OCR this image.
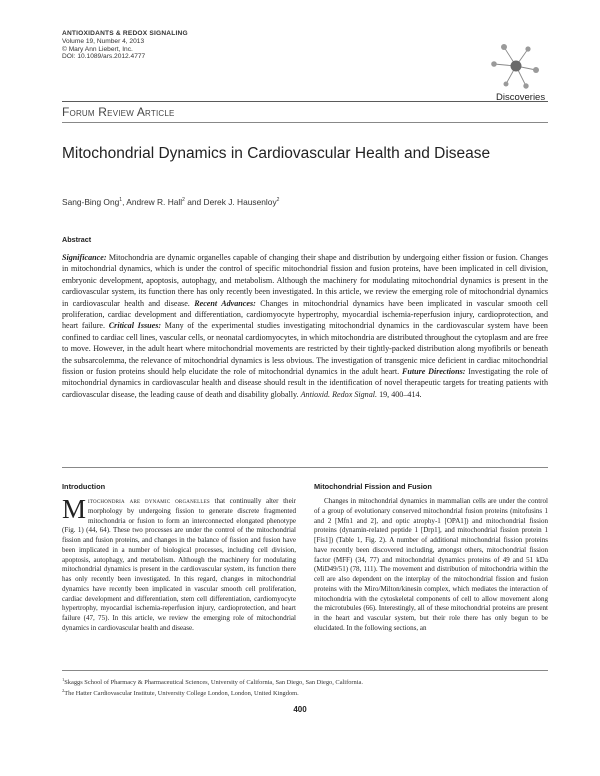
ANTIOXIDANTS & REDOX SIGNALING
Volume 19, Number 4, 2013
© Mary Ann Liebert, Inc.
DOI: 10.1089/ars.2012.4777
Discoveries
Forum Review Article
Mitochondrial Dynamics in Cardiovascular Health and Disease
Sang-Bing Ong$^1$, Andrew R. Hall$^2$ and Derek J. Hausenloy$^2$
Abstract
Significance: Mitochondria are dynamic organelles capable of changing their shape and distribution by undergoing either fission or fusion. Changes in mitochondrial dynamics, which is under the control of specific mitochondrial fission and fusion proteins, have been implicated in cell division, embryonic development, apoptosis, autophagy, and metabolism. Although the machinery for modulating mitochondrial dynamics is present in the cardiovascular system, its function there has only recently been investigated. In this article, we review the emerging role of mitochondrial dynamics in cardiovascular health and disease. Recent Advances: Changes in mitochondrial dynamics have been implicated in vascular smooth cell proliferation, cardiac development and differentiation, cardiomyocyte hypertrophy, myocardial ischemia-reperfusion injury, cardioprotection, and heart failure. Critical Issues: Many of the experimental studies investigating mitochondrial dynamics in the cardiovascular system have been confined to cardiac cell lines, vascular cells, or neonatal cardiomyocytes, in which mitochondria are distributed throughout the cytoplasm and are free to move. However, in the adult heart where mitochondrial movements are restricted by their tightly-packed distribution along myofibrils or beneath the subsarcolemma, the relevance of mitochondrial dynamics is less obvious. The investigation of transgenic mice deficient in cardiac mitochondrial fission or fusion proteins should help elucidate the role of mitochondrial dynamics in the adult heart. Future Directions: Investigating the role of mitochondrial dynamics in cardiovascular health and disease should result in the identification of novel therapeutic targets for treating patients with cardiovascular disease, the leading cause of death and disability globally. Antioxid. Redox Signal. 19, 400–414.
Introduction
Mitochondria are dynamic organelles that continually alter their morphology by undergoing fission to generate discrete fragmented mitochondria or fusion to form an interconnected elongated phenotype (Fig. 1) (44, 64). These two processes are under the control of the mitochondrial fission and fusion proteins, and changes in the balance of fission and fusion have been implicated in a number of biological processes, including cell division, apoptosis, autophagy, and metabolism. Although the machinery for modulating mitochondrial dynamics is present in the cardiovascular system, its function there has only recently been investigated. In this regard, changes in mitochondrial dynamics have recently been implicated in vascular smooth cell proliferation, cardiac development and differentiation, stem cell differentiation, cardiomyocyte hypertrophy, myocardial ischemia-reperfusion injury, cardioprotection, and heart failure (47, 75). In this article, we review the emerging role of mitochondrial dynamics in cardiovascular health and disease.
Mitochondrial Fission and Fusion
Changes in mitochondrial dynamics in mammalian cells are under the control of a group of evolutionary conserved mitochondrial fusion proteins (mitofusins 1 and 2 [Mfn1 and 2], and optic atrophy-1 [OPA1]) and mitochondrial fission proteins (dynamin-related peptide 1 [Drp1], and mitochondrial fission protein 1 [Fis1]) (Table 1, Fig. 2). A number of additional mitochondrial fission proteins have recently been discovered including, amongst others, mitochondrial fission factor (MFF) (34, 77) and mitochondrial dynamics proteins of 49 and 51 kDa (MiD49/51) (78, 111). The movement and distribution of mitochondria within the cell are also dependent on the interplay of the mitochondrial fission and fusion proteins with the Miro/Milton/kinesin complex, which mediates the interaction of mitochondria with the cytoskeletal components of cell to allow movement along the microtubules (66). Interestingly, all of these mitochondrial proteins are present in the heart and vascular system, but their role there has only begun to be elucidated. In the following sections, an
$^1$Skaggs School of Pharmacy & Pharmaceutical Sciences, University of California, San Diego, San Diego, California.
$^2$The Hatter Cardiovascular Institute, University College London, London, United Kingdom.
400
